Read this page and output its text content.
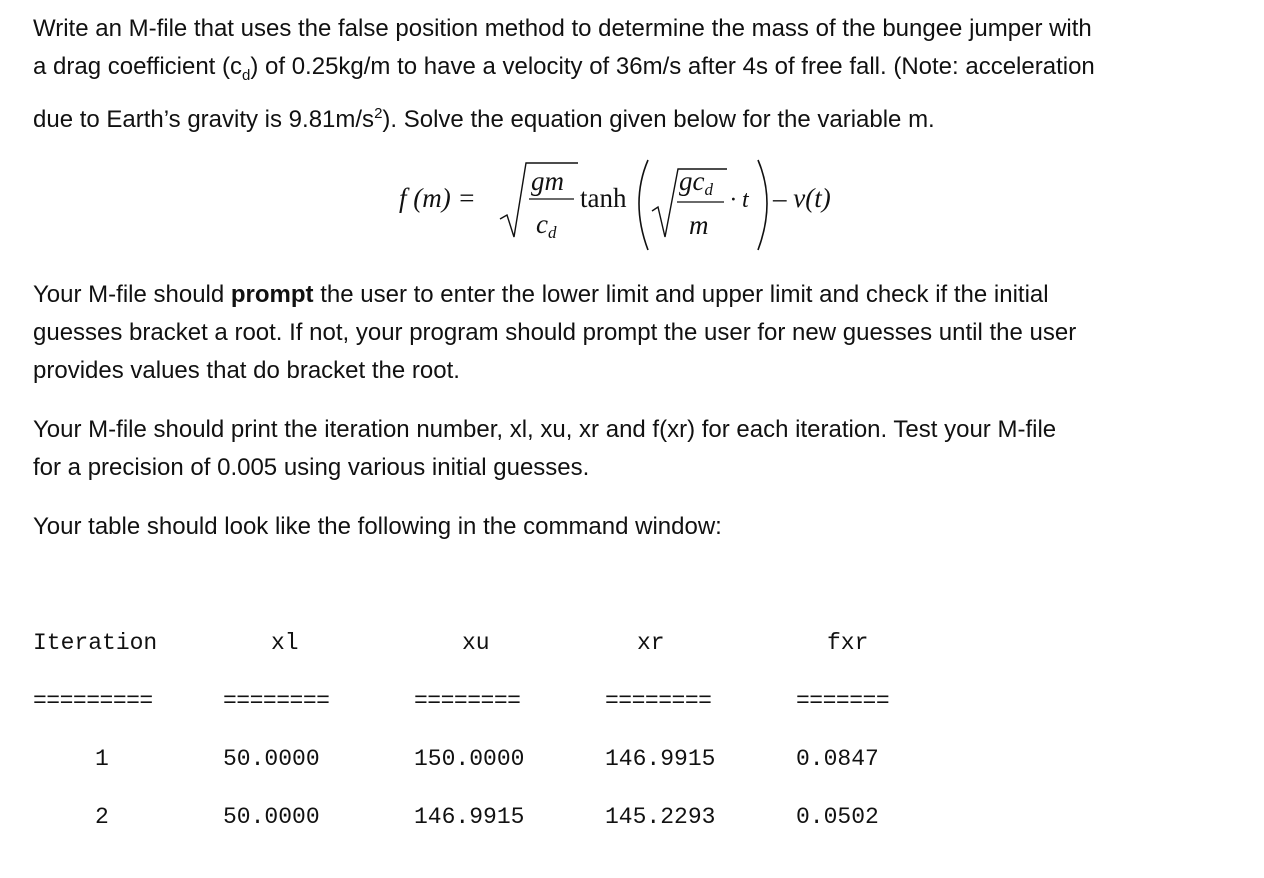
Write an M-file that uses the false position method to determine the mass of the bungee jumper with
a drag coefficient $(c_d)$ of 0.25kg/m to have a velocity of 36m/s after 4s of free fall. (Note: acceleration
due to Earth’s gravity is $9.81m/s^2$). Solve the equation given below for the variable m.
f (m) =
gm
cd
tanh
gcd
m
· t – v(t)
Your M-file should prompt the user to enter the lower limit and upper limit and check if the initial
guesses bracket a root. If not, your program should prompt the user for new guesses until the user
provides values that do bracket the root.
Your M-file should print the iteration number, xl, xu, xr and f(xr) for each iteration. Test your M-file
for a precision of 0.005 using various initial guesses.
Your table should look like the following in the command window:
Iteration	xl	xu	xr	fxr
=========	========	========	========	=======
1	50.0000	150.0000	146.9915	0.0847
2	50.0000	146.9915	145.2293	0.0502
